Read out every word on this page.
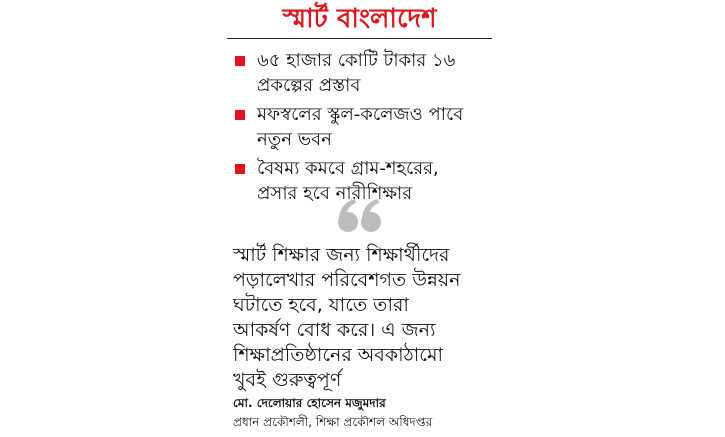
স্মার্ট বাংলাদেশ
৬৫ হাজার কোটি টাকার ১৬
প্রকল্পের প্রস্তাব
মফস্বলের স্কুল-কলেজও পাবে
নতুন ভবন
বৈষম্য কমবে গ্রাম-শহরের,
প্রসার হবে নারীশিক্ষার
স্মার্ট শিক্ষার জন্য শিক্ষার্থীদের
পড়ালেখার পরিবেশগত উন্নয়ন
ঘটাতে হবে, যাতে তারা
আকর্ষণ বোধ করে। এ জন্য
শিক্ষাপ্রতিষ্ঠানের অবকাঠামো
খুবই গুরুত্বপূর্ণ
মো. দেলোয়ার হোসেন মজুমদার
প্রধান প্রকৌশলী, শিক্ষা প্রকৌশল অধিদপ্তর
